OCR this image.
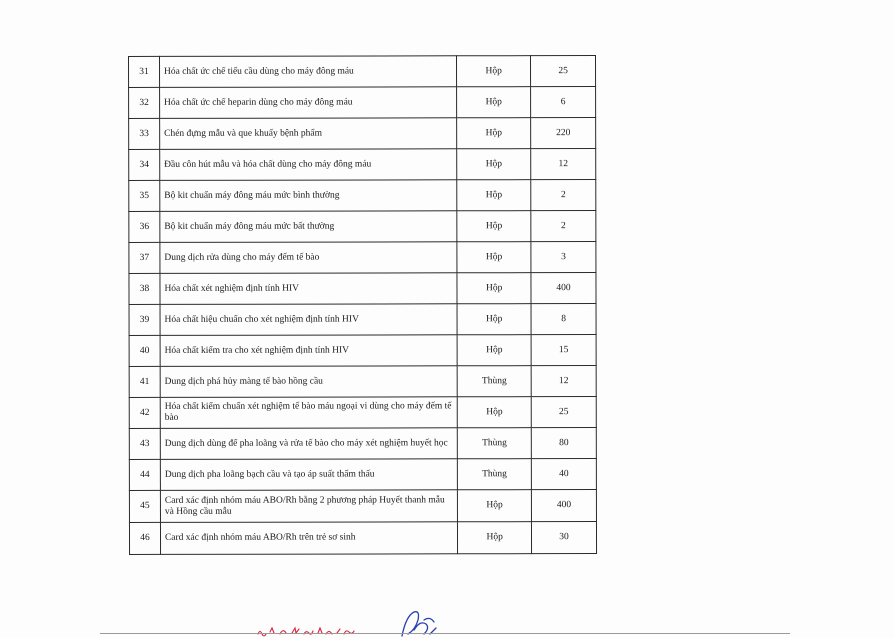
31	Hóa chất ức chế tiểu cầu dùng cho máy đông máu	Hộp	25
32	Hóa chất ức chế heparin dùng cho máy đông máu	Hộp	6
33	Chén đựng mẫu và que khuấy bệnh phẩm	Hộp	220
34	Đầu côn hút mẫu và hóa chất dùng cho máy đông máu	Hộp	12
35	Bộ kit chuẩn máy đông máu mức bình thường	Hộp	2
36	Bộ kit chuẩn máy đông máu mức bất thường	Hộp	2
37	Dung dịch rửa dùng cho máy đếm tế bào	Hộp	3
38	Hóa chất xét nghiệm định tính HIV	Hộp	400
39	Hóa chất hiệu chuẩn cho xét nghiệm định tính HIV	Hộp	8
40	Hóa chất kiểm tra cho xét nghiệm định tính HIV	Hộp	15
41	Dung dịch phá hủy màng tế bào hồng cầu	Thùng	12
42	Hóa chất kiểm chuẩn xét nghiệm tế bào máu ngoại vi dùng cho máy đếm tế bào	Hộp	25
43	Dung dịch dùng để pha loãng và rửa tế bào cho máy xét nghiệm huyết học	Thùng	80
44	Dung dịch pha loãng bạch cầu và tạo áp suất thẩm thấu	Thùng	40
45	Card xác định nhóm máu ABO/Rh bằng 2 phương pháp Huyết thanh mẫu và Hồng cầu mẫu	Hộp	400
46	Card xác định nhóm máu ABO/Rh trên trẻ sơ sinh	Hộp	30
